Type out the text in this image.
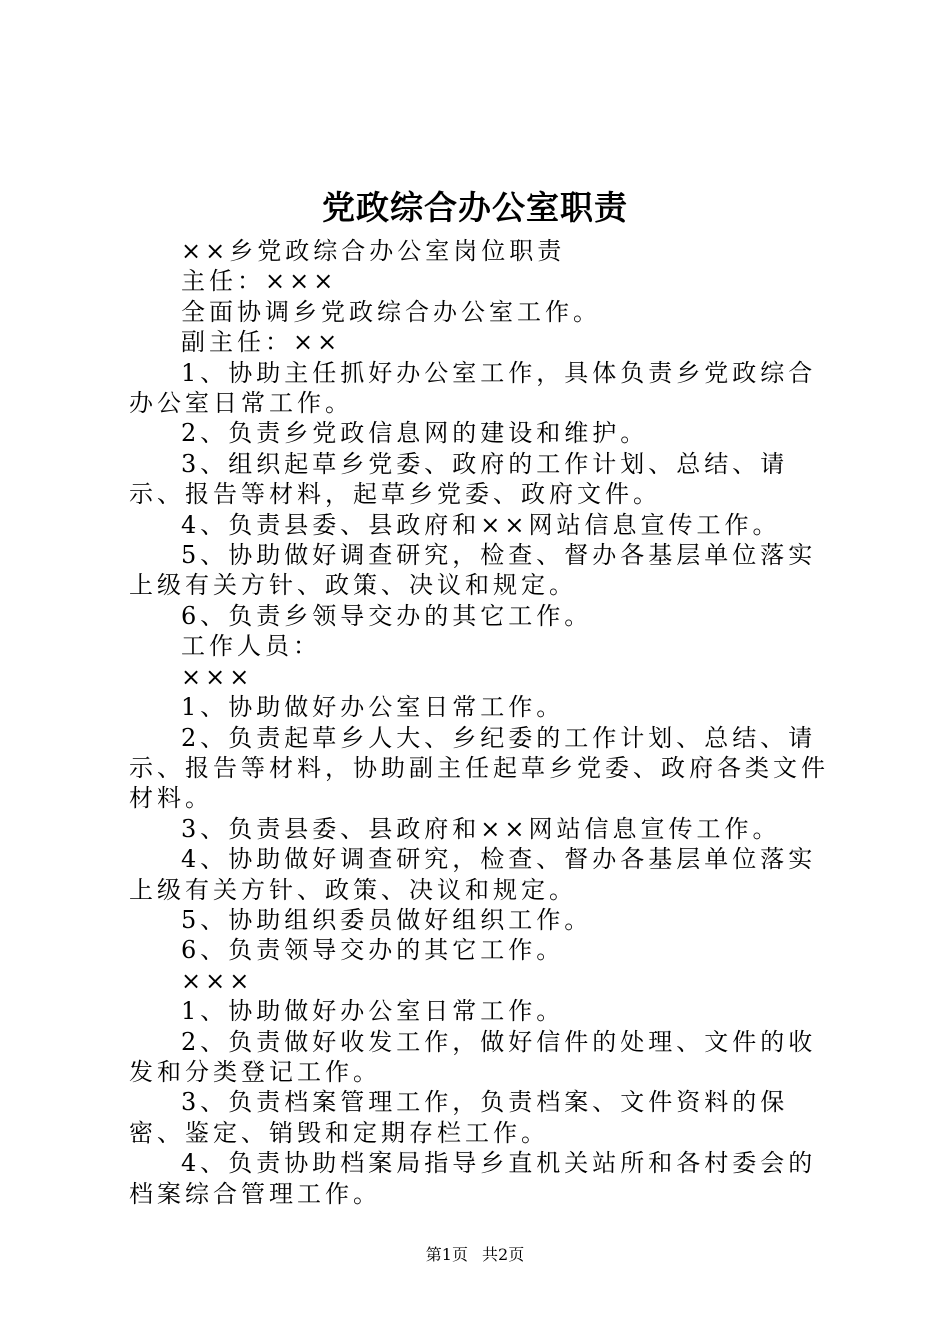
党政综合办公室职责

××乡党政综合办公室岗位职责

主任：×××

全面协调乡党政综合办公室工作。

副主任：××

1、协助主任抓好办公室工作，具体负责乡党政综合办公室日常工作。

2、负责乡党政信息网的建设和维护。

3、组织起草乡党委、政府的工作计划、总结、请示、报告等材料，起草乡党委、政府文件。

4、负责县委、县政府和××网站信息宣传工作。

5、协助做好调查研究，检查、督办各基层单位落实上级有关方针、政策、决议和规定。

6、负责乡领导交办的其它工作。

工作人员：

×××

1、协助做好办公室日常工作。

2、负责起草乡人大、乡纪委的工作计划、总结、请示、报告等材料，协助副主任起草乡党委、政府各类文件材料。

3、负责县委、县政府和××网站信息宣传工作。

4、协助做好调查研究，检查、督办各基层单位落实上级有关方针、政策、决议和规定。

5、协助组织委员做好组织工作。

6、负责领导交办的其它工作。

×××

1、协助做好办公室日常工作。

2、负责做好收发工作，做好信件的处理、文件的收发和分类登记工作。

3、负责档案管理工作，负责档案、文件资料的保密、鉴定、销毁和定期存栏工作。

4、负责协助档案局指导乡直机关站所和各村委会的档案综合管理工作。

第1页 共2页
